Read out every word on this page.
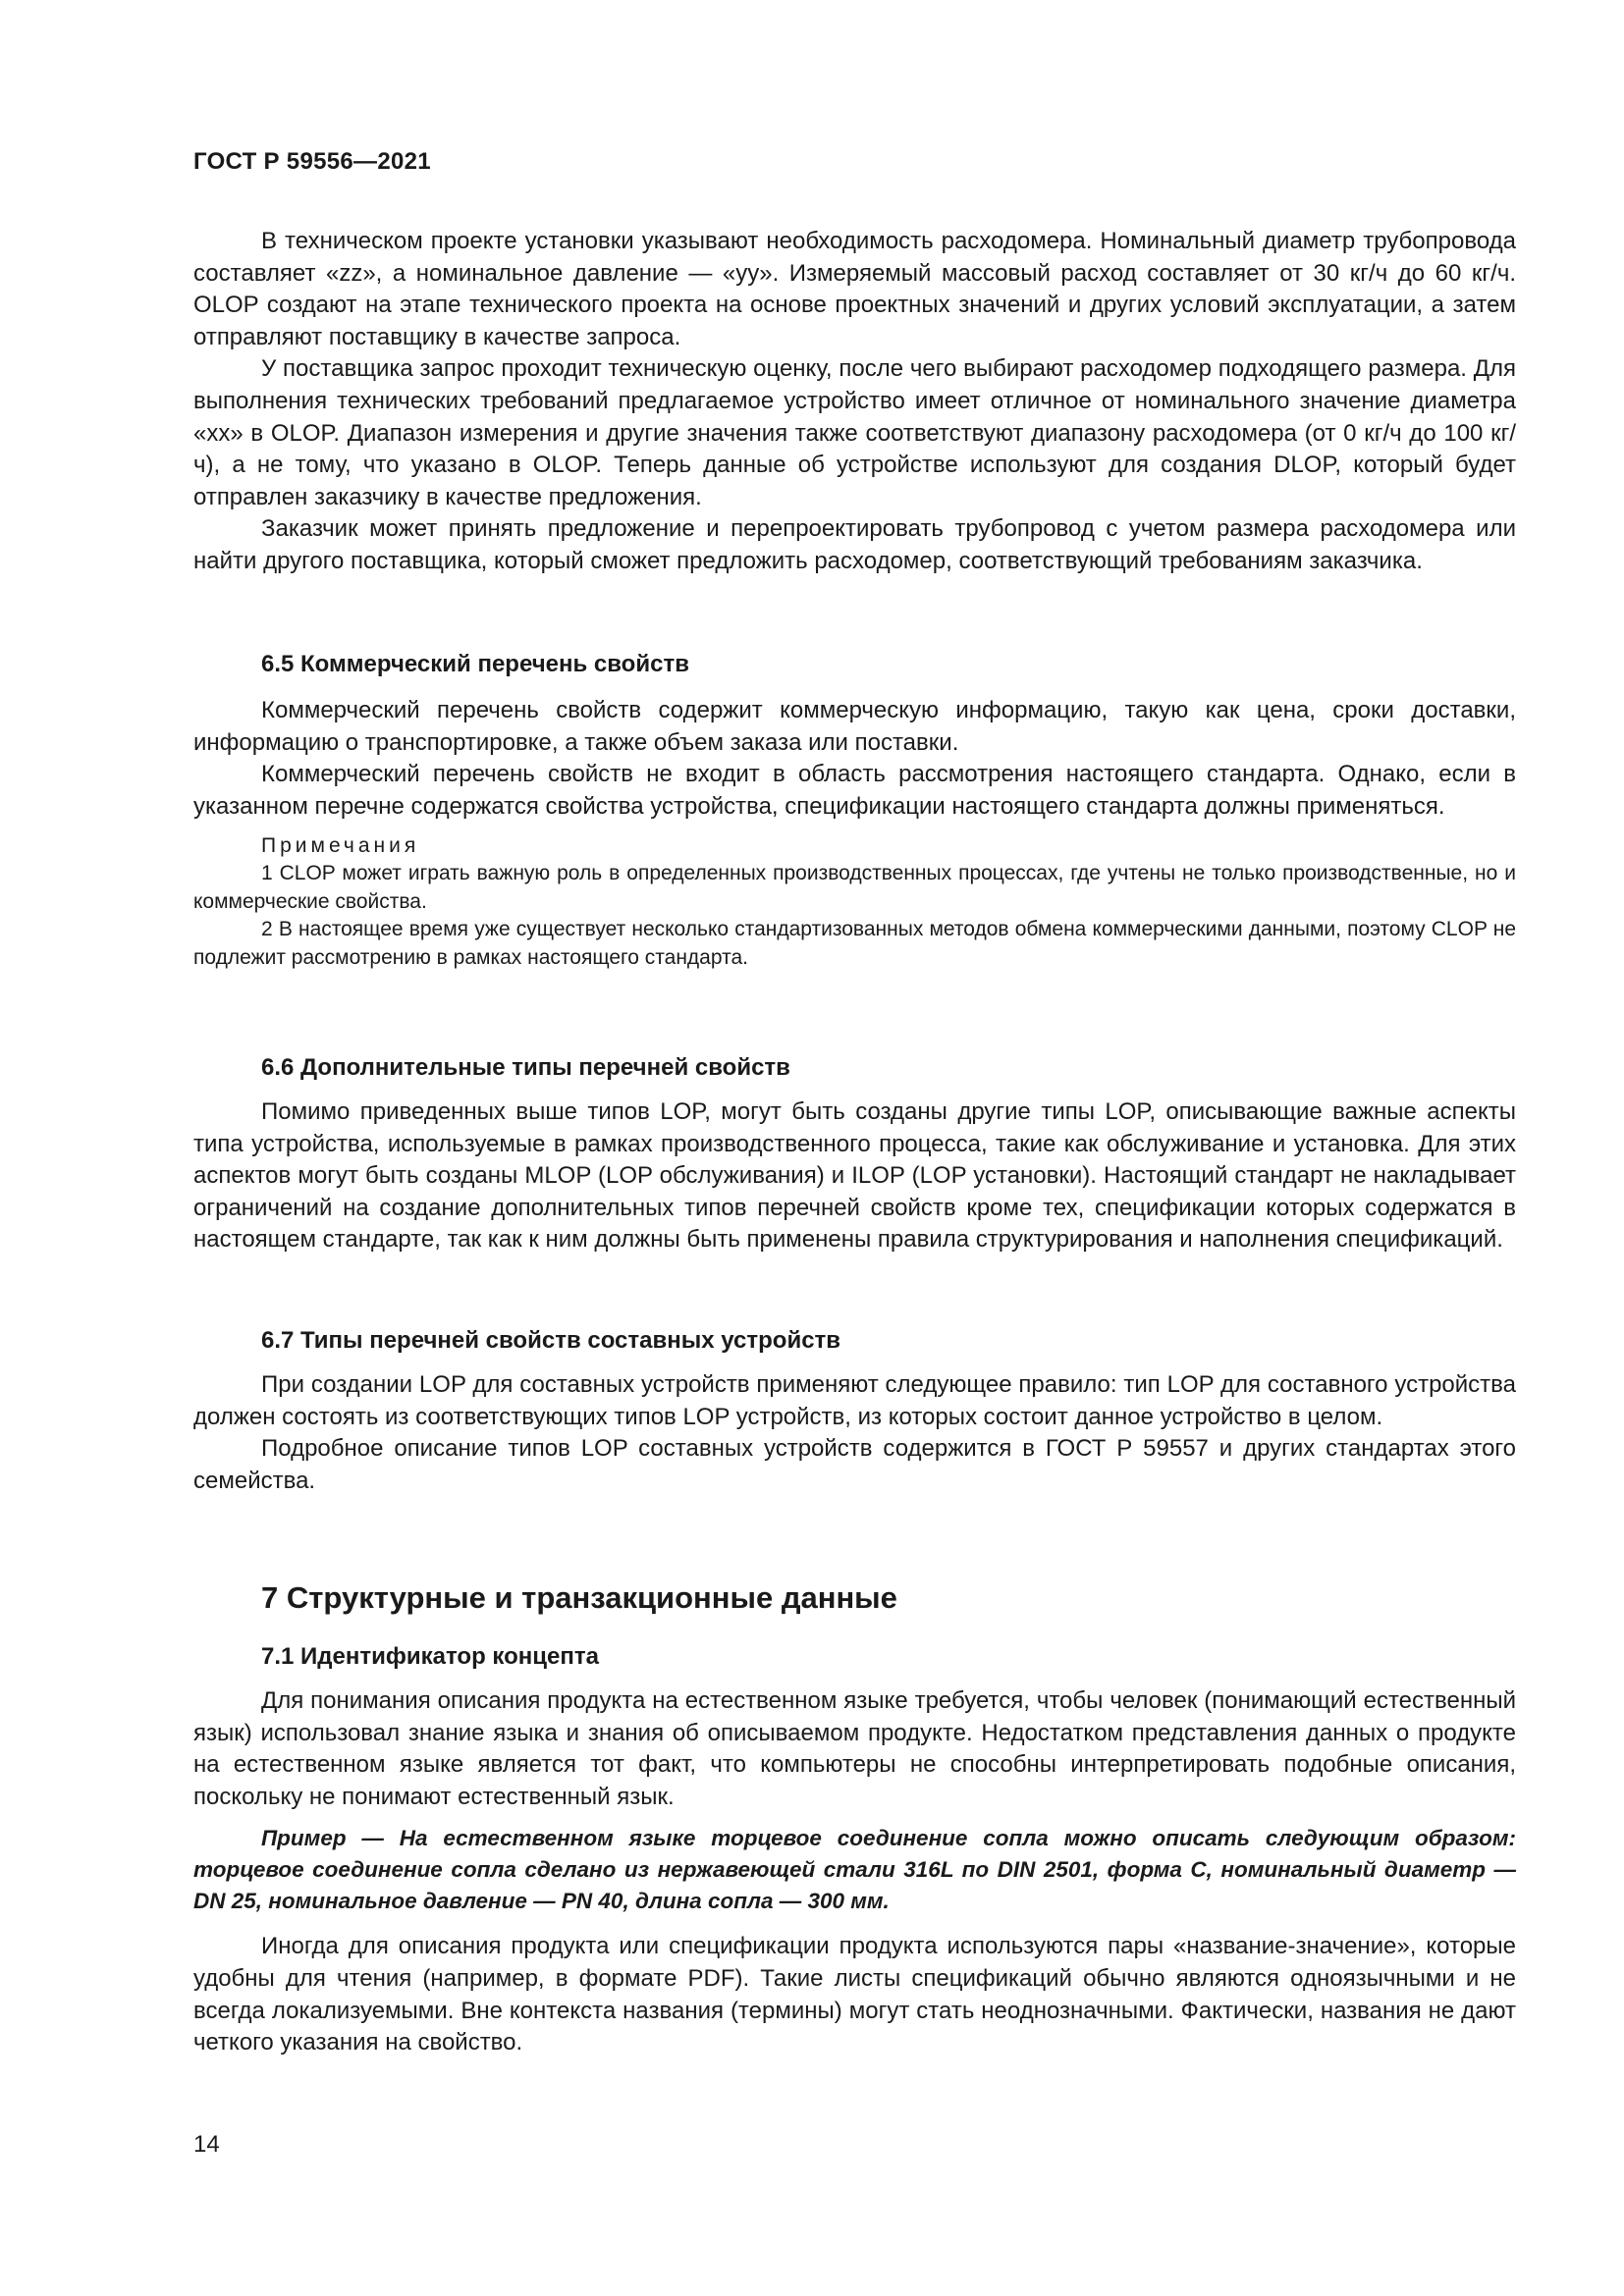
ГОСТ Р 59556—2021

В техническом проекте установки указывают необходимость расходомера. Номинальный диаметр трубопровода составляет «zz», а номинальное давление — «yy». Измеряемый массовый расход составляет от 30 кг/ч до 60 кг/ч. OLOP создают на этапе технического проекта на основе проектных значений и других условий эксплуатации, а затем отправляют поставщику в качестве запроса.

У поставщика запрос проходит техническую оценку, после чего выбирают расходомер подходящего размера. Для выполнения технических требований предлагаемое устройство имеет отличное от номинального значение диаметра «xx» в OLOP. Диапазон измерения и другие значения также соответствуют диапазону расходомера (от 0 кг/ч до 100 кг/ч), а не тому, что указано в OLOP. Теперь данные об устройстве используют для создания DLOP, который будет отправлен заказчику в качестве предложения.

Заказчик может принять предложение и перепроектировать трубопровод с учетом размера расходомера или найти другого поставщика, который сможет предложить расходомер, соответствующий требованиям заказчика.

6.5 Коммерческий перечень свойств

Коммерческий перечень свойств содержит коммерческую информацию, такую как цена, сроки доставки, информацию о транспортировке, а также объем заказа или поставки.

Коммерческий перечень свойств не входит в область рассмотрения настоящего стандарта. Однако, если в указанном перечне содержатся свойства устройства, спецификации настоящего стандарта должны применяться.

Примечания

1 CLOP может играть важную роль в определенных производственных процессах, где учтены не только производственные, но и коммерческие свойства.

2 В настоящее время уже существует несколько стандартизованных методов обмена коммерческими данными, поэтому CLOP не подлежит рассмотрению в рамках настоящего стандарта.

6.6 Дополнительные типы перечней свойств

Помимо приведенных выше типов LOP, могут быть созданы другие типы LOP, описывающие важные аспекты типа устройства, используемые в рамках производственного процесса, такие как обслуживание и установка. Для этих аспектов могут быть созданы MLOP (LOP обслуживания) и ILOP (LOP установки). Настоящий стандарт не накладывает ограничений на создание дополнительных типов перечней свойств кроме тех, спецификации которых содержатся в настоящем стандарте, так как к ним должны быть применены правила структурирования и наполнения спецификаций.

6.7 Типы перечней свойств составных устройств

При создании LOP для составных устройств применяют следующее правило: тип LOP для составного устройства должен состоять из соответствующих типов LOP устройств, из которых состоит данное устройство в целом.

Подробное описание типов LOP составных устройств содержится в ГОСТ Р 59557 и других стандартах этого семейства.

7 Структурные и транзакционные данные
7.1 Идентификатор концепта

Для понимания описания продукта на естественном языке требуется, чтобы человек (понимающий естественный язык) использовал знание языка и знания об описываемом продукте. Недостатком представления данных о продукте на естественном языке является тот факт, что компьютеры не способны интерпретировать подобные описания, поскольку не понимают естественный язык.

Пример — На естественном языке торцевое соединение сопла можно описать следующим образом: торцевое соединение сопла сделано из нержавеющей стали 316L по DIN 2501, форма С, номинальный диаметр — DN 25, номинальное давление — PN 40, длина сопла — 300 мм.

Иногда для описания продукта или спецификации продукта используются пары «название-значение», которые удобны для чтения (например, в формате PDF). Такие листы спецификаций обычно являются одноязычными и не всегда локализуемыми. Вне контекста названия (термины) могут стать неоднозначными. Фактически, названия не дают четкого указания на свойство.

14
